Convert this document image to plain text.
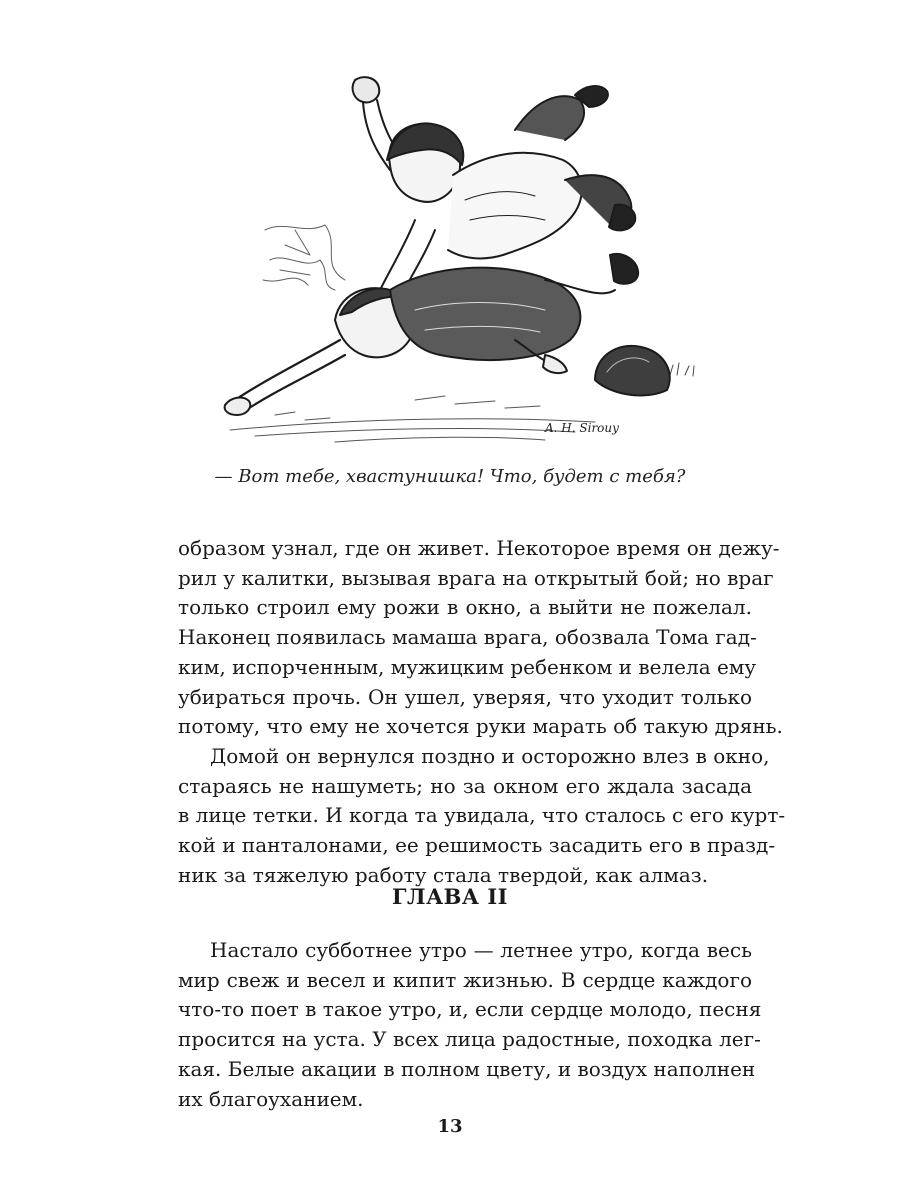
A. H. Sirouy
— Вот тебе, хвастунишка! Что, будет с тебя?
образом узнал, где он живет. Некоторое время он дежу-
рил у калитки, вызывая врага на открытый бой; но враг
только строил ему рожи в окно, а выйти не пожелал.
Наконец появилась мамаша врага, обозвала Тома гад-
ким, испорченным, мужицким ребенком и велела ему
убираться прочь. Он ушел, уверяя, что уходит только
потому, что ему не хочется руки марать об такую дрянь.
Домой он вернулся поздно и осторожно влез в окно,
стараясь не нашуметь; но за окном его ждала засада
в лице тетки. И когда та увидала, что сталось с его курт-
кой и панталонами, ее решимость засадить его в празд-
ник за тяжелую работу стала твердой, как алмаз.
ГЛАВА II
Настало субботнее утро — летнее утро, когда весь
мир свеж и весел и кипит жизнью. В сердце каждого
что-то поет в такое утро, и, если сердце молодо, песня
просится на уста. У всех лица радостные, походка лег-
кая. Белые акации в полном цвету, и воздух наполнен
их благоуханием.
13
